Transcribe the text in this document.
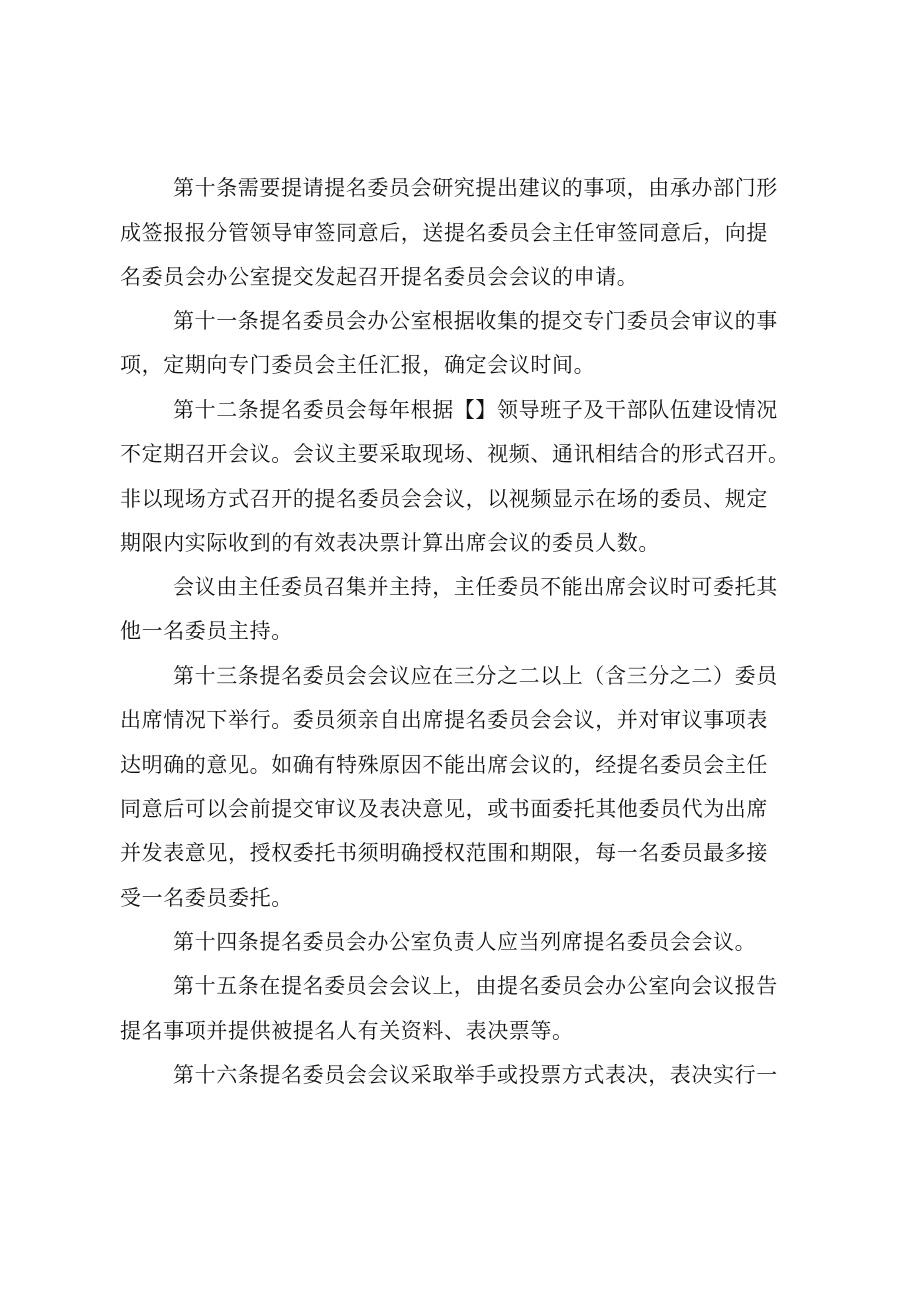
第十条需要提请提名委员会研究提出建议的事项，由承办部门形

成签报报分管领导审签同意后，送提名委员会主任审签同意后，向提

名委员会办公室提交发起召开提名委员会会议的申请。

第十一条提名委员会办公室根据收集的提交专门委员会审议的事

项，定期向专门委员会主任汇报，确定会议时间。

第十二条提名委员会每年根据【】领导班子及干部队伍建设情况

不定期召开会议。会议主要采取现场、视频、通讯相结合的形式召开。

非以现场方式召开的提名委员会会议，以视频显示在场的委员、规定

期限内实际收到的有效表决票计算出席会议的委员人数。

会议由主任委员召集并主持，主任委员不能出席会议时可委托其

他一名委员主持。

第十三条提名委员会会议应在三分之二以上（含三分之二）委员

出席情况下举行。委员须亲自出席提名委员会会议，并对审议事项表

达明确的意见。如确有特殊原因不能出席会议的，经提名委员会主任

同意后可以会前提交审议及表决意见，或书面委托其他委员代为出席

并发表意见，授权委托书须明确授权范围和期限，每一名委员最多接

受一名委员委托。

第十四条提名委员会办公室负责人应当列席提名委员会会议。

第十五条在提名委员会会议上，由提名委员会办公室向会议报告

提名事项并提供被提名人有关资料、表决票等。

第十六条提名委员会会议采取举手或投票方式表决，表决实行一
